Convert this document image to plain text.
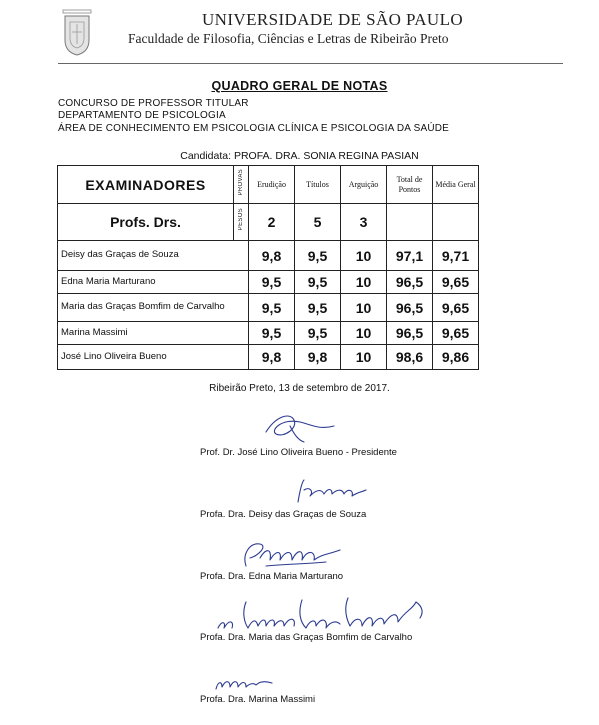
UNIVERSIDADE DE SÃO PAULO
Faculdade de Filosofia, Ciências e Letras de Ribeirão Preto
QUADRO GERAL DE NOTAS
CONCURSO DE PROFESSOR TITULAR
DEPARTAMENTO DE PSICOLOGIA
ÁREA DE CONHECIMENTO EM PSICOLOGIA CLÍNICA E PSICOLOGIA DA SAÚDE
Candidata: PROFA. DRA. SONIA REGINA PASIAN
EXAMINADORES	PROVAS	Erudição	Títulos	Arguição	Total de Pontos	Média Geral
Profs. Drs.	PESOS	2	5	3		
Deisy das Graças de Souza		9,8	9,5	10	97,1	9,71
Edna Maria Marturano		9,5	9,5	10	96,5	9,65
Maria das Graças Bomfim de Carvalho		9,5	9,5	10	96,5	9,65
Marina Massimi		9,5	9,5	10	96,5	9,65
José Lino Oliveira Bueno		9,8	9,8	10	98,6	9,86
Ribeirão Preto, 13 de setembro de 2017.
Prof. Dr. José Lino Oliveira Bueno - Presidente
Profa. Dra. Deisy das Graças de Souza
Profa. Dra. Edna Maria Marturano
Profa. Dra. Maria das Graças Bomfim de Carvalho
Profa. Dra. Marina Massimi
